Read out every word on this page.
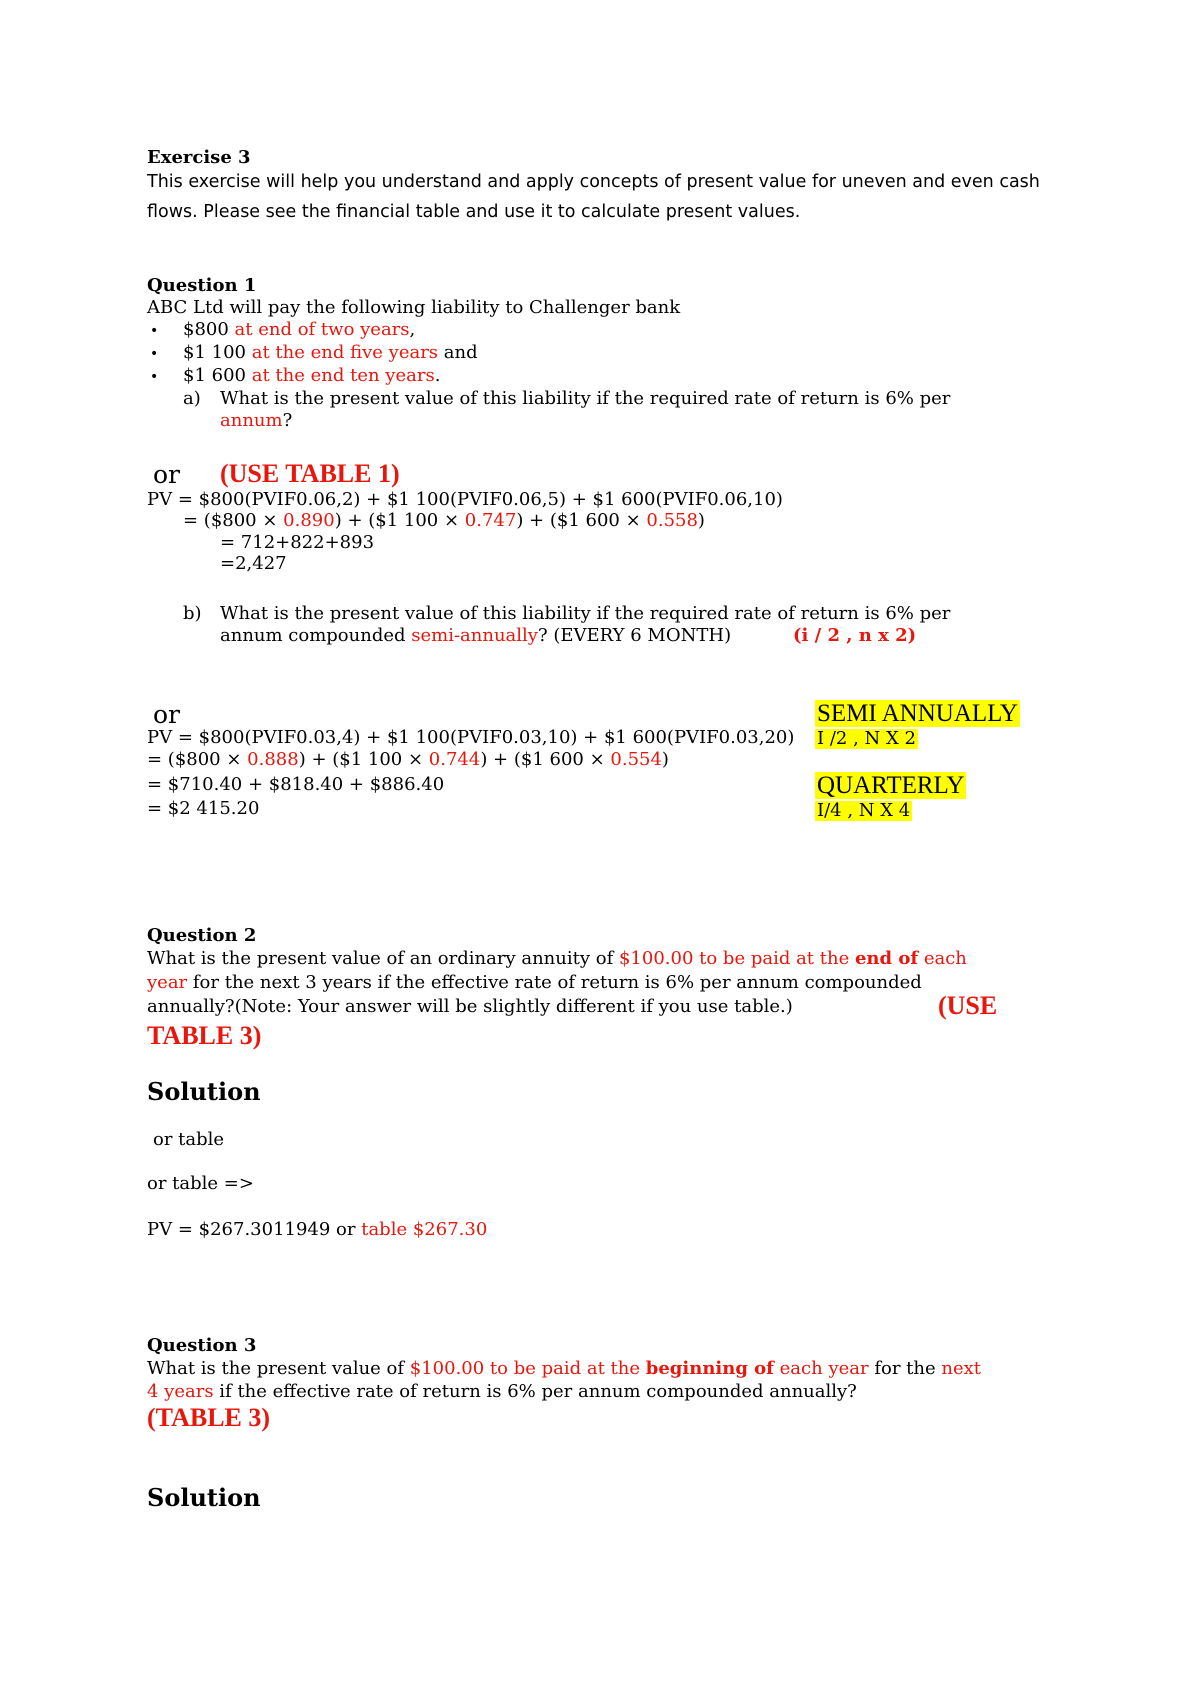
Exercise 3
This exercise will help you understand and apply concepts of present value for uneven and even cash
flows. Please see the financial table and use it to calculate present values.
Question 1
ABC Ltd will pay the following liability to Challenger bank
• $800 at end of two years,
• $1 100 at the end five years and
• $1 600 at the end ten years.
a) What is the present value of this liability if the required rate of return is 6% per
annum?
or (USE TABLE 1)
PV = $800(PVIF0.06,2) + $1 100(PVIF0.06,5) + $1 600(PVIF0.06,10)
= ($800 × 0.890) + ($1 100 × 0.747) + ($1 600 × 0.558)
= 712+822+893
=2,427
b) What is the present value of this liability if the required rate of return is 6% per
annum compounded semi-annually? (EVERY 6 MONTH)	(i / 2 , n x 2)
or
PV = $800(PVIF0.03,4) + $1 100(PVIF0.03,10) + $1 600(PVIF0.03,20)
= ($800 × 0.888) + ($1 100 × 0.744) + ($1 600 × 0.554)
= $710.40 + $818.40 + $886.40
= $2 415.20
SEMI ANNUALLY
I /2 , N X 2
QUARTERLY
I/4 , N X 4
Question 2
What is the present value of an ordinary annuity of $100.00 to be paid at the end of each
year for the next 3 years if the effective rate of return is 6% per annum compounded
annually?(Note: Your answer will be slightly different if you use table.)	(USE
TABLE 3)
Solution
or table
or table =>
PV = $267.3011949 or table $267.30
Question 3
What is the present value of $100.00 to be paid at the beginning of each year for the next
4 years if the effective rate of return is 6% per annum compounded annually?
(TABLE 3)
Solution
